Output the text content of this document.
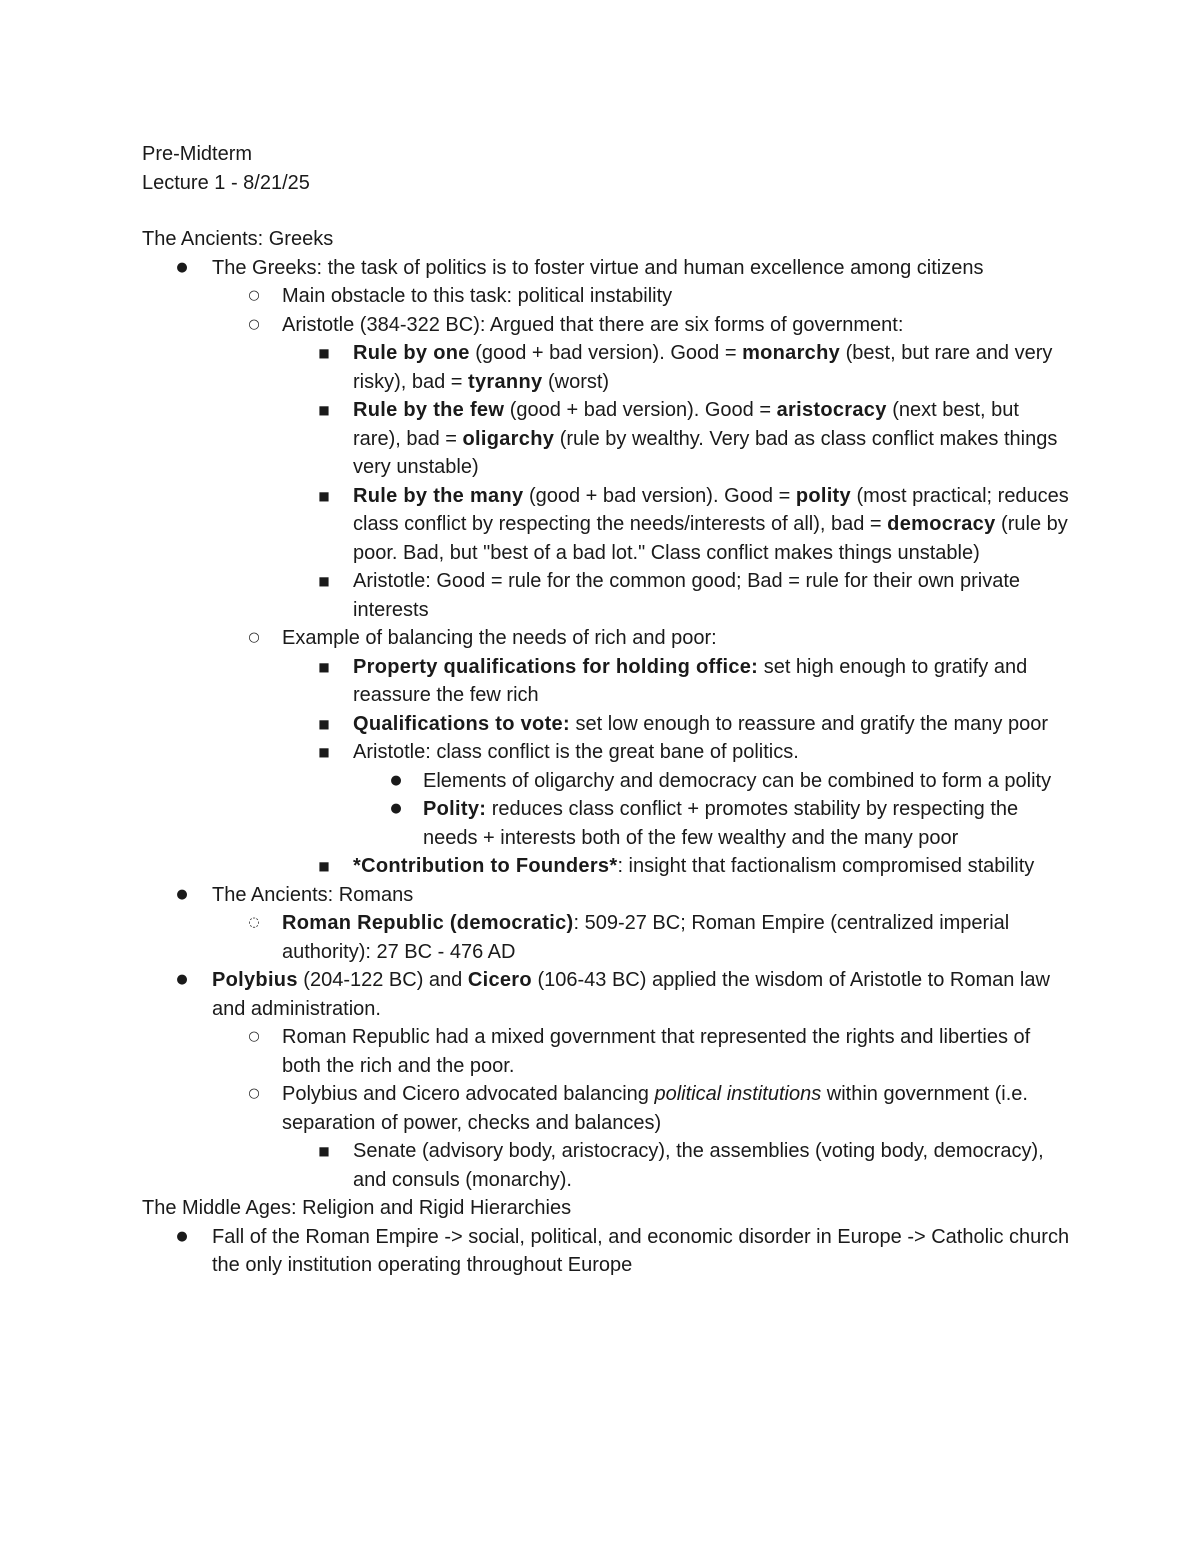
Pre-Midterm

Lecture 1 - 8/21/25

The Ancients: Greeks

● The Greeks: the task of politics is to foster virtue and human excellence among citizens
○ Main obstacle to this task: political instability
○ Aristotle (384-322 BC): Argued that there are six forms of government:
■ Rule by one (good + bad version). Good = monarchy (best, but rare and very risky), bad = tyranny (worst)
■ Rule by the few (good + bad version). Good = aristocracy (next best, but rare), bad = oligarchy (rule by wealthy. Very bad as class conflict makes things very unstable)
■ Rule by the many (good + bad version). Good = polity (most practical; reduces class conflict by respecting the needs/interests of all), bad = democracy (rule by poor. Bad, but "best of a bad lot." Class conflict makes things unstable)
■ Aristotle: Good = rule for the common good; Bad = rule for their own private interests
○ Example of balancing the needs of rich and poor:
■ Property qualifications for holding office: set high enough to gratify and reassure the few rich
■ Qualifications to vote: set low enough to reassure and gratify the many poor
■ Aristotle: class conflict is the great bane of politics.
● Elements of oligarchy and democracy can be combined to form a polity
● Polity: reduces class conflict + promotes stability by respecting the needs + interests both of the few wealthy and the many poor
■ *Contribution to Founders*: insight that factionalism compromised stability
● The Ancients: Romans
◌ Roman Republic (democratic): 509-27 BC; Roman Empire (centralized imperial authority): 27 BC - 476 AD
● Polybius (204-122 BC) and Cicero (106-43 BC) applied the wisdom of Aristotle to Roman law and administration.
○ Roman Republic had a mixed government that represented the rights and liberties of both the rich and the poor.
○ Polybius and Cicero advocated balancing political institutions within government (i.e. separation of power, checks and balances)
■ Senate (advisory body, aristocracy), the assemblies (voting body, democracy), and consuls (monarchy).

The Middle Ages: Religion and Rigid Hierarchies

● Fall of the Roman Empire -> social, political, and economic disorder in Europe -> Catholic church the only institution operating throughout Europe
